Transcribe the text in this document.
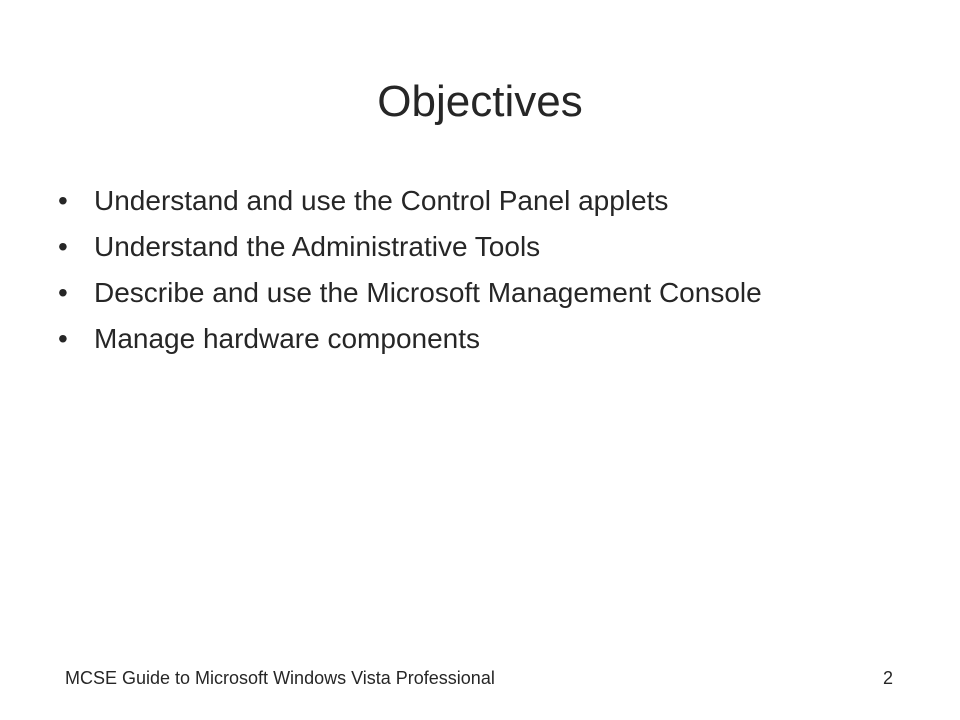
Objectives
• Understand and use the Control Panel applets
• Understand the Administrative Tools
• Describe and use the Microsoft Management Console
• Manage hardware components
MCSE Guide to Microsoft Windows Vista Professional	2
